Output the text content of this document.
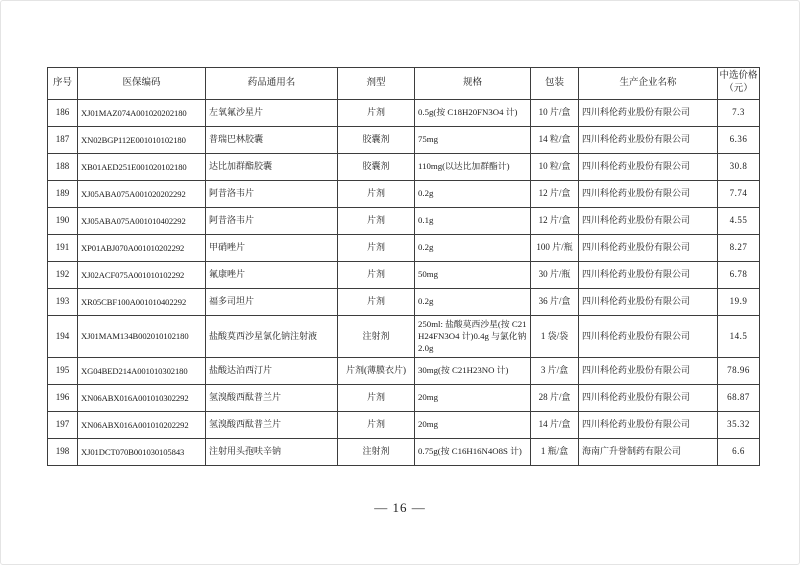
序号	医保编码	药品通用名	剂型	规格	包装	生产企业名称	中选价格（元）
186	XJ01MAZ074A001020202180	左氧氟沙星片	片剂	0.5g(按 C18H20FN3O4 计)	10 片/盒	四川科伦药业股份有限公司	7.3
187	XN02BGP112E001010102180	普瑞巴林胶囊	胶囊剂	75mg	14 粒/盒	四川科伦药业股份有限公司	6.36
188	XB01AED251E001020102180	达比加群酯胶囊	胶囊剂	110mg(以达比加群酯计)	10 粒/盒	四川科伦药业股份有限公司	30.8
189	XJ05ABA075A001020202292	阿昔洛韦片	片剂	0.2g	12 片/盒	四川科伦药业股份有限公司	7.74
190	XJ05ABA075A001010402292	阿昔洛韦片	片剂	0.1g	12 片/盒	四川科伦药业股份有限公司	4.55
191	XP01ABJ070A001010202292	甲硝唑片	片剂	0.2g	100 片/瓶	四川科伦药业股份有限公司	8.27
192	XJ02ACF075A001010102292	氟康唑片	片剂	50mg	30 片/瓶	四川科伦药业股份有限公司	6.78
193	XR05CBF100A001010402292	福多司坦片	片剂	0.2g	36 片/盒	四川科伦药业股份有限公司	19.9
194	XJ01MAM134B002010102180	盐酸莫西沙星氯化钠注射液	注射剂	250ml: 盐酸莫西沙星(按 C21H24FN3O4 计)0.4g 与氯化钠 2.0g	1 袋/袋	四川科伦药业股份有限公司	14.5
195	XG04BED214A001010302180	盐酸达泊西汀片	片剂(薄膜衣片)	30mg(按 C21H23NO 计)	3 片/盒	四川科伦药业股份有限公司	78.96
196	XN06ABX016A001010302292	氢溴酸西酞普兰片	片剂	20mg	28 片/盒	四川科伦药业股份有限公司	68.87
197	XN06ABX016A001010202292	氢溴酸西酞普兰片	片剂	20mg	14 片/盒	四川科伦药业股份有限公司	35.32
198	XJ01DCT070B001030105843	注射用头孢呋辛钠	注射剂	0.75g(按 C16H16N4O8S 计)	1 瓶/盒	海南广升誉制药有限公司	6.6
— 16 —
